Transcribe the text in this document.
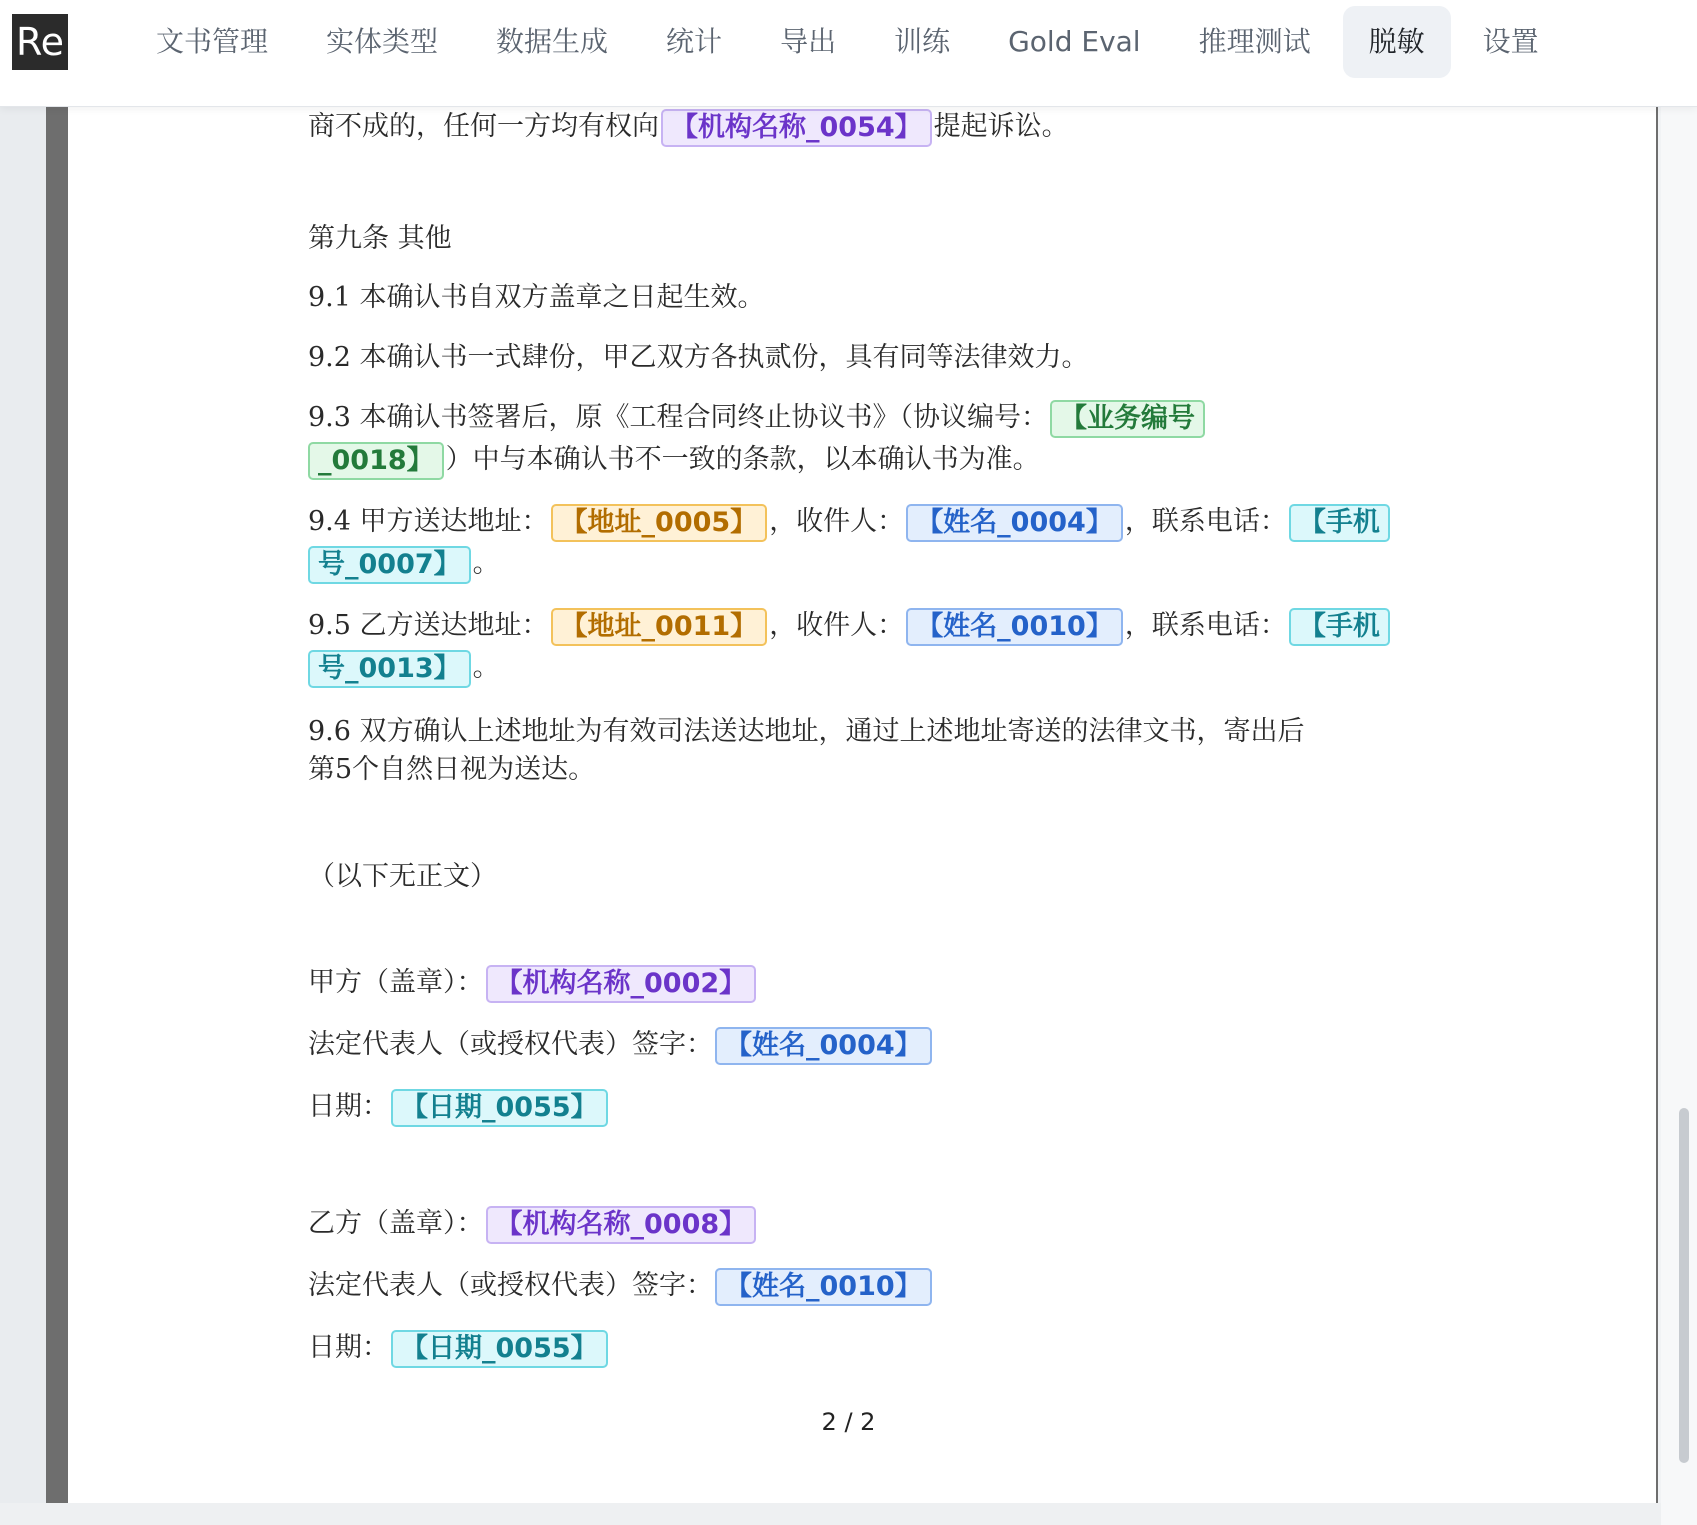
Re	文书管理	实体类型	数据生成	统计	导出	训练	Gold Eval	推理测试	脱敏	设置
商不成的，任何一方均有权向 【机构名称_0054】 提起诉讼。
第九条 其他
9.1 本确认书自双方盖章之日起生效。
9.2 本确认书一式肆份，甲乙双方各执贰份，具有同等法律效力。
9.3 本确认书签署后，原《工程合同终止协议书》（协议编号： 【业务编号
_0018】 ）中与本确认书不一致的条款，以本确认书为准。
9.4 甲方送达地址： 【地址_0005】 ，收件人： 【姓名_0004】 ，联系电话： 【手机
号_0007】 。
9.5 乙方送达地址： 【地址_0011】 ，收件人： 【姓名_0010】 ，联系电话： 【手机
号_0013】 。
9.6 双方确认上述地址为有效司法送达地址，通过上述地址寄送的法律文书，寄出后
第5个自然日视为送达。
（以下无正文）
甲方（盖章）： 【机构名称_0002】
法定代表人（或授权代表）签字： 【姓名_0004】
日期： 【日期_0055】
乙方（盖章）： 【机构名称_0008】
法定代表人（或授权代表）签字： 【姓名_0010】
日期： 【日期_0055】
2 / 2
